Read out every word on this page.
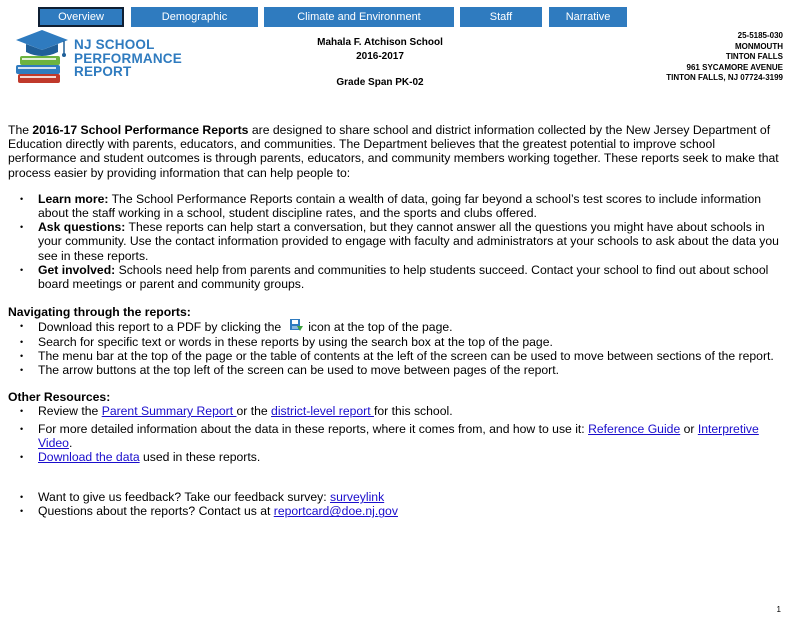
Overview	Demographic	Climate and Environment	Staff	Narrative
NJ SCHOOL
PERFORMANCE
REPORT
Mahala F. Atchison School
2016-2017
Grade Span PK-02
25-5185-030
MONMOUTH
TINTON FALLS
961 SYCAMORE AVENUE
TINTON FALLS, NJ 07724-3199

The 2016-17 School Performance Reports are designed to share school and district information collected by the New Jersey Department of Education directly with parents, educators, and communities. The Department believes that the greatest potential to improve school performance and student outcomes is through parents, educators, and community members working together. These reports seek to make that process easier by providing information that can help people to:

• Learn more: The School Performance Reports contain a wealth of data, going far beyond a school’s test scores to include information about the staff working in a school, student discipline rates, and the sports and clubs offered.
• Ask questions: These reports can help start a conversation, but they cannot answer all the questions you might have about schools in your community. Use the contact information provided to engage with faculty and administrators at your schools to ask about the data you see in these reports.
• Get involved: Schools need help from parents and communities to help students succeed. Contact your school to find out about school board meetings or parent and community groups.
Navigating through the reports:
• Download this report to a PDF by clicking the icon at the top of the page.
• Search for specific text or words in these reports by using the search box at the top of the page.
• The menu bar at the top of the page or the table of contents at the left of the screen can be used to move between sections of the report.
• The arrow buttons at the top left of the screen can be used to move between pages of the report.
Other Resources:
• Review the Parent Summary Report or the district-level report for this school.
• For more detailed information about the data in these reports, where it comes from, and how to use it: Reference Guide or Interpretive Video.
• Download the data used in these reports.
• Want to give us feedback? Take our feedback survey: surveylink
• Questions about the reports? Contact us at reportcard@doe.nj.gov
1
